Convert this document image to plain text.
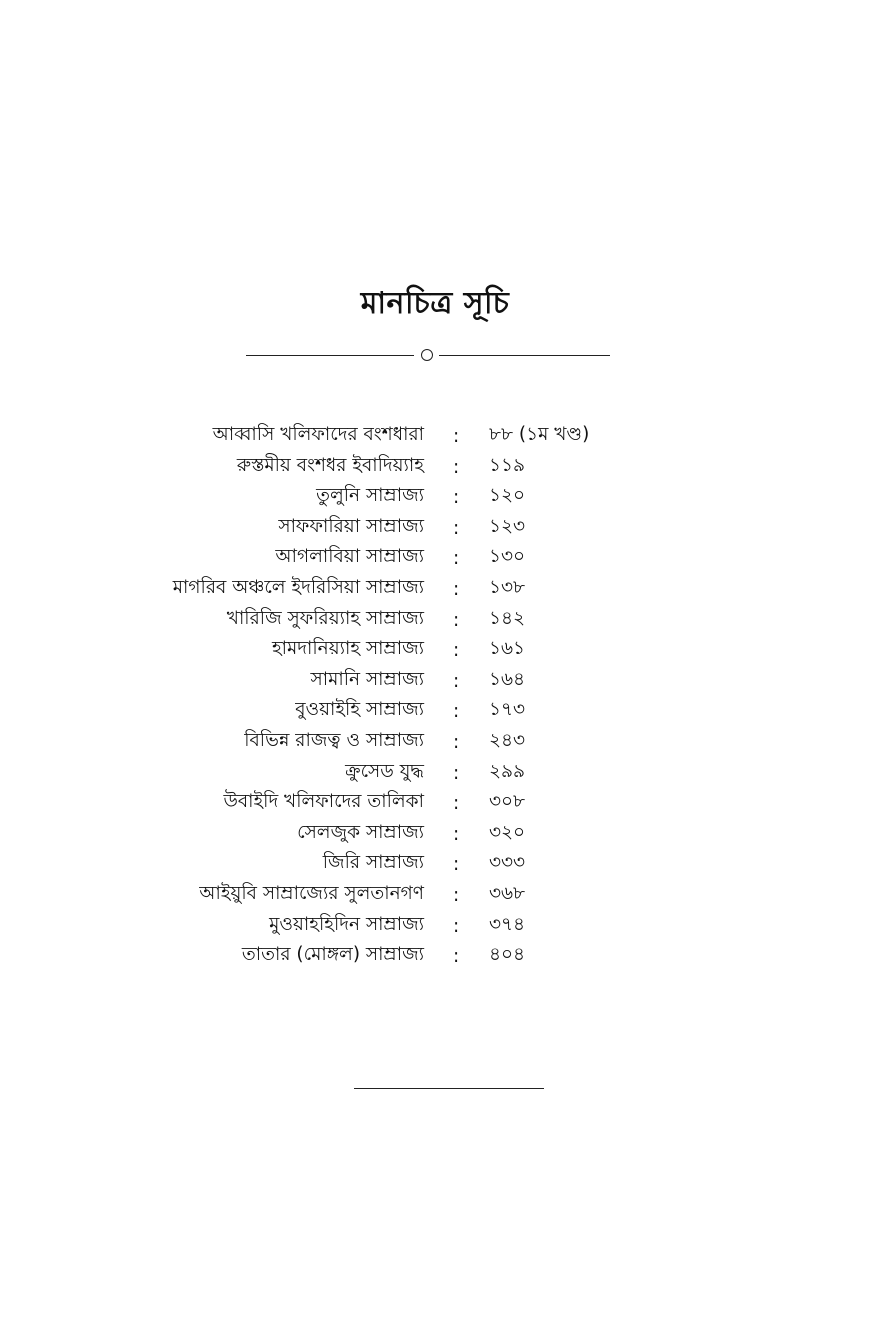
মানচিত্র সূচি
আব্বাসি খলিফাদের বংশধারা : ৮৮ (১ম খণ্ড)
রুস্তমীয় বংশধর ইবাদিয়্যাহ : ১১৯
তুলুনি সাম্রাজ্য : ১২০
সাফফারিয়া সাম্রাজ্য : ১২৩
আগলাবিয়া সাম্রাজ্য : ১৩০
মাগরিব অঞ্চলে ইদরিসিয়া সাম্রাজ্য : ১৩৮
খারিজি সুফরিয়্যাহ সাম্রাজ্য : ১৪২
হামদানিয়্যাহ সাম্রাজ্য : ১৬১
সামানি সাম্রাজ্য : ১৬৪
বুওয়াইহি সাম্রাজ্য : ১৭৩
বিভিন্ন রাজত্ব ও সাম্রাজ্য : ২৪৩
ক্রুসেড যুদ্ধ : ২৯৯
উবাইদি খলিফাদের তালিকা : ৩০৮
সেলজুক সাম্রাজ্য : ৩২০
জিরি সাম্রাজ্য : ৩৩৩
আইয়ুবি সাম্রাজ্যের সুলতানগণ : ৩৬৮
মুওয়াহহিদিন সাম্রাজ্য : ৩৭৪
তাতার (মোঙ্গল) সাম্রাজ্য : ৪০৪
